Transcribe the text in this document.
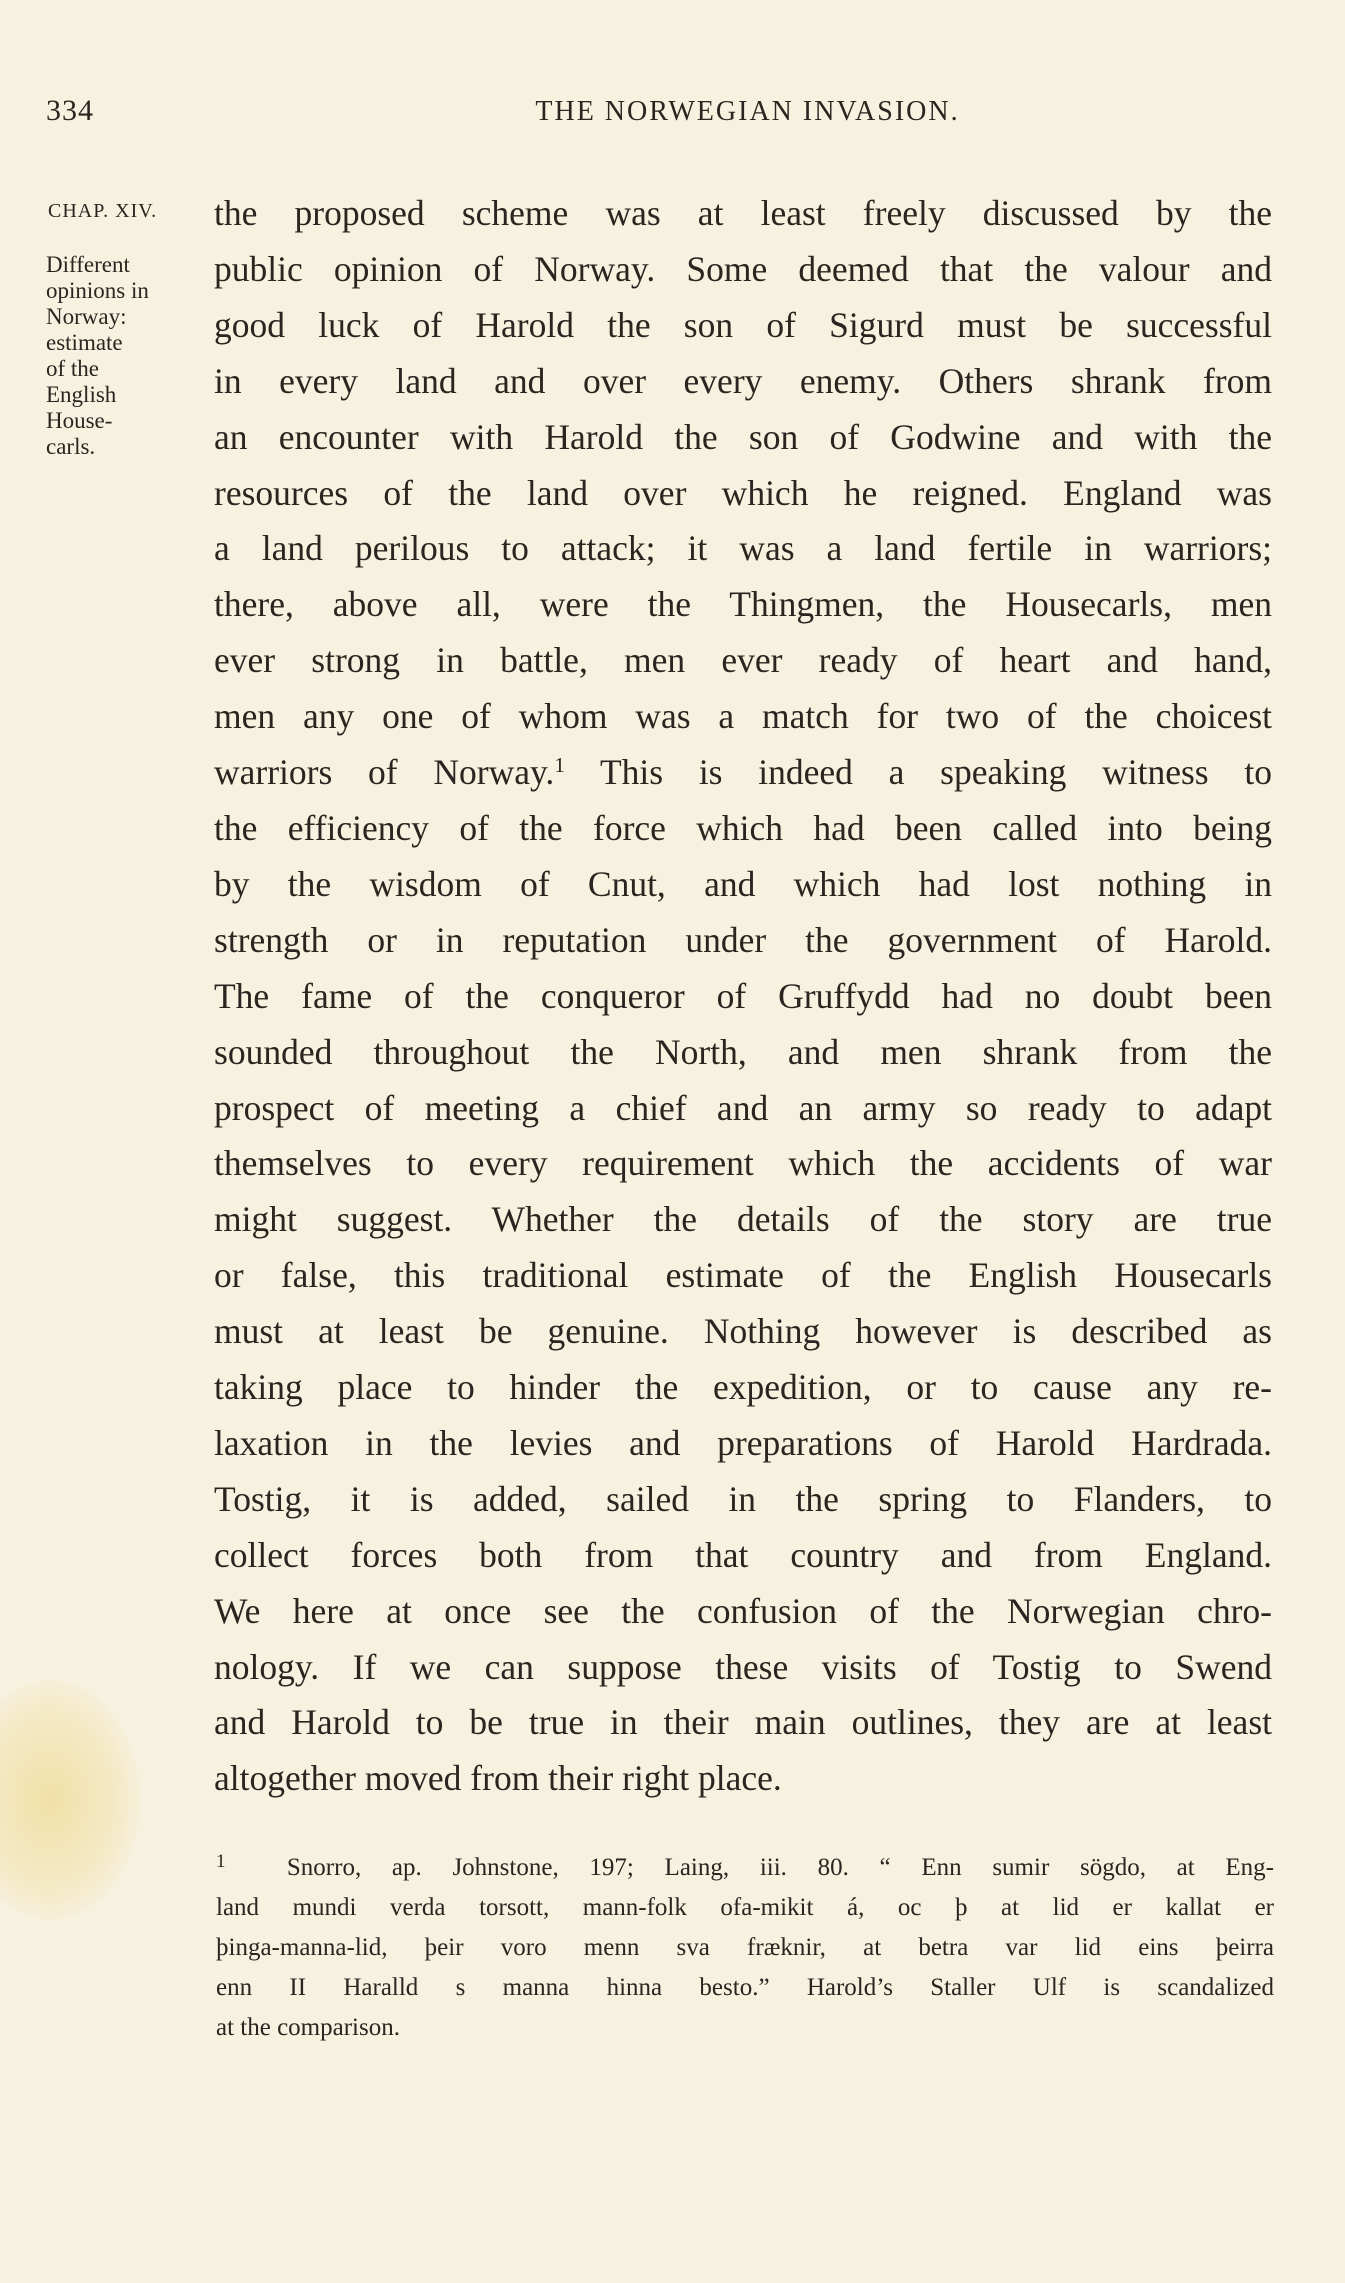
334	THE NORWEGIAN INVASION.
CHAP. XIV.
Different
opinions in
Norway:
estimate
of the
English
House-
carls.
the proposed scheme was at least freely discussed by the
public opinion of Norway. Some deemed that the valour and
good luck of Harold the son of Sigurd must be successful
in every land and over every enemy. Others shrank from
an encounter with Harold the son of Godwine and with the
resources of the land over which he reigned. England was
a land perilous to attack; it was a land fertile in warriors;
there, above all, were the Thingmen, the Housecarls, men
ever strong in battle, men ever ready of heart and hand,
men any one of whom was a match for two of the choicest
warriors of Norway.$^1$ This is indeed a speaking witness to
the efficiency of the force which had been called into being
by the wisdom of Cnut, and which had lost nothing in
strength or in reputation under the government of Harold.
The fame of the conqueror of Gruffydd had no doubt been
sounded throughout the North, and men shrank from the
prospect of meeting a chief and an army so ready to adapt
themselves to every requirement which the accidents of war
might suggest. Whether the details of the story are true
or false, this traditional estimate of the English Housecarls
must at least be genuine. Nothing however is described as
taking place to hinder the expedition, or to cause any re-
laxation in the levies and preparations of Harold Hardrada.
Tostig, it is added, sailed in the spring to Flanders, to
collect forces both from that country and from England.
We here at once see the confusion of the Norwegian chro-
nology. If we can suppose these visits of Tostig to Swend
and Harold to be true in their main outlines, they are at least
altogether moved from their right place.
$^1$ Snorro, ap. Johnstone, 197; Laing, iii. 80. “ Enn sumir sögdo, at Eng-
land mundi verda torsott, mann-folk ofa-mikit á, oc þ at lid er kallat er
þinga-manna-lid, þeir voro menn sva fræknir, at betra var lid eins þeirra
enn II Haralld s manna hinna besto.” Harold’s Staller Ulf is scandalized
at the comparison.
